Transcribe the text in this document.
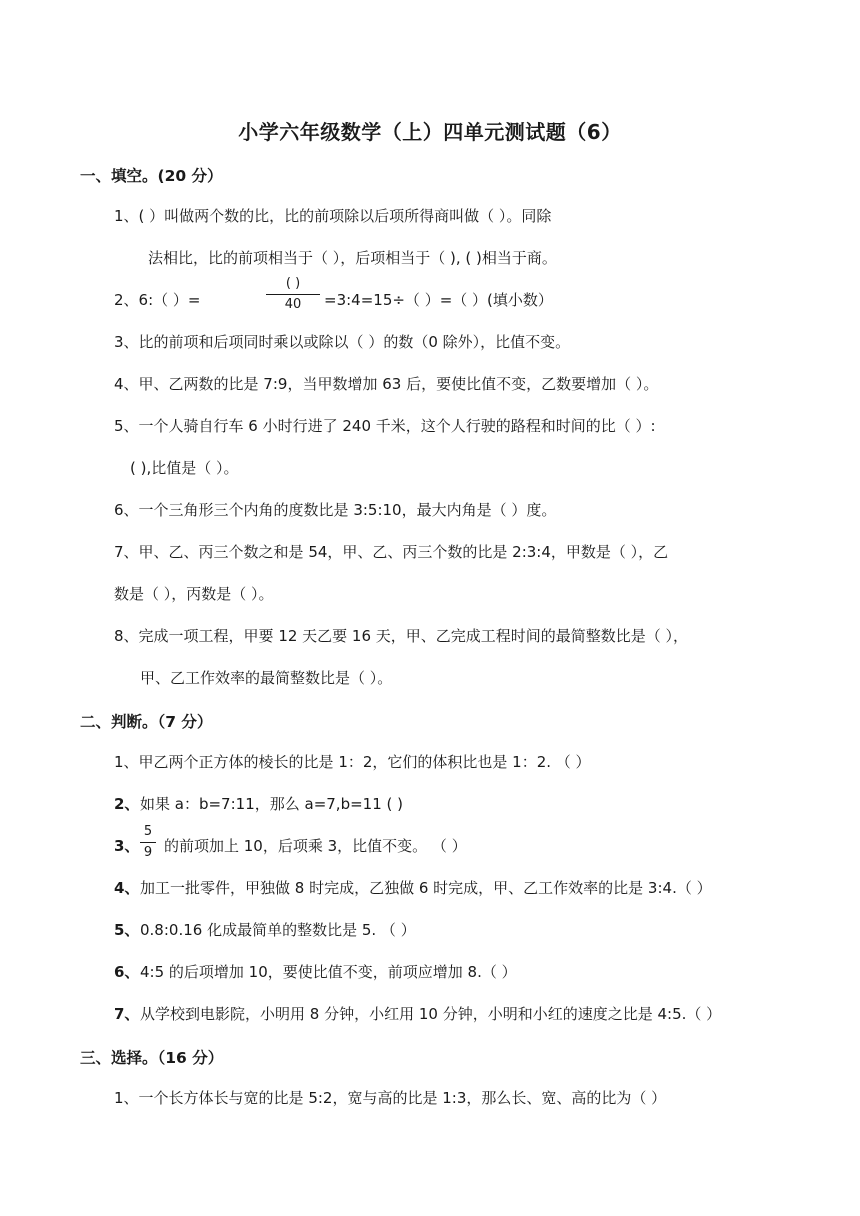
小学六年级数学（上）四单元测试题（6）
一、填空。(20 分）
1、( ）叫做两个数的比，比的前项除以后项所得商叫做（ ）。同除
法相比，比的前项相当于（ ），后项相当于（ ), ( )相当于商。
2、6:（ ）=
( )
40	=3:4=15÷（ ）=（ ）(填小数）
3、比的前项和后项同时乘以或除以（ ）的数（0 除外），比值不变。
4、甲、乙两数的比是 7:9，当甲数增加 63 后，要使比值不变，乙数要增加（ ）。
5、一个人骑自行车 6 小时行进了 240 千米，这个人行驶的路程和时间的比（ ）:
( ),比值是（ ）。
6、一个三角形三个内角的度数比是 3:5:10，最大内角是（ ）度。
7、甲、乙、丙三个数之和是 54，甲、乙、丙三个数的比是 2:3:4，甲数是（ ），乙
数是（ ），丙数是（ ）。
8、完成一项工程，甲要 12 天乙要 16 天，甲、乙完成工程时间的最简整数比是（ ），
甲、乙工作效率的最简整数比是（ ）。
二、判断。（7 分）
1、甲乙两个正方体的棱长的比是 1：2，它们的体积比也是 1：2. （ ）
2、 如果 a：b=7:11，那么 a=7,b=11 ( )
3、
5
9 的前项加上 10，后项乘 3，比值不变。 （ ）
4、 加工一批零件，甲独做 8 时完成，乙独做 6 时完成，甲、乙工作效率的比是 3:4.（ ）
5、 0.8:0.16 化成最简单的整数比是 5. （ ）
6、 4:5 的后项增加 10，要使比值不变，前项应增加 8.（ ）
7、 从学校到电影院，小明用 8 分钟，小红用 10 分钟，小明和小红的速度之比是 4:5.（ ）
三、选择。（16 分）
1、一个长方体长与宽的比是 5:2，宽与高的比是 1:3，那么长、宽、高的比为（ ）
